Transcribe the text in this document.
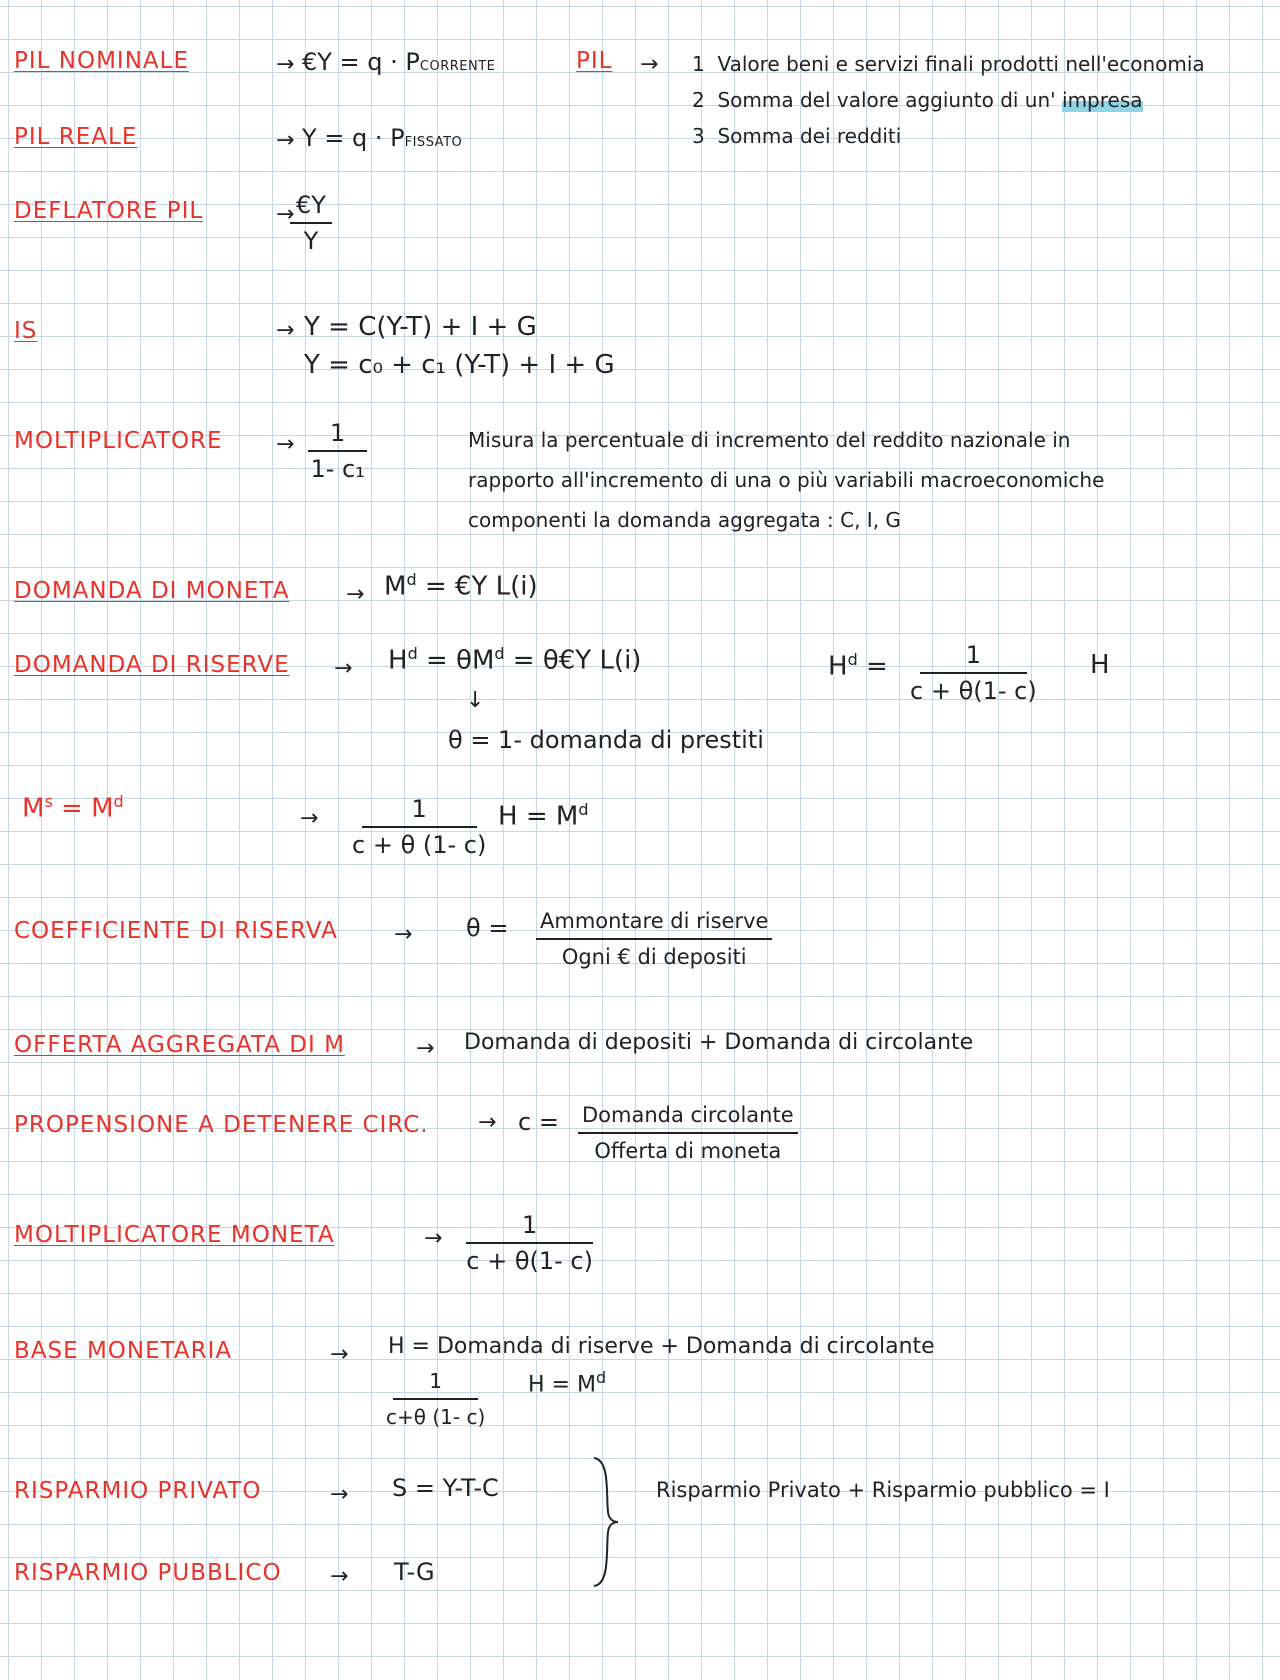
PIL NOMINALE	→ €Y = q · PCORRENTE	PIL → 1 Valore beni e servizi finali prodotti nell'economia
2 Somma del valore aggiunto di un' impresa
3 Somma dei redditi
PIL REALE	→ Y = q · PFISSATO
DEFLATORE PIL	→
$\frac{€Y}{Y}$
IS	→ Y = C(Y-T) + I + G
Y = c₀ + c₁ (Y-T) + I + G
MOLTIPLICATORE → $\frac{1}{\text{1- c₁}}$	Misura la percentuale di incremento del reddito nazionale in
rapporto all'incremento di una o più variabili macroeconomiche
componenti la domanda aggregata : C, I, G
DOMANDA DI MONETA	→ $M^d$ = €Y L(i)
DOMANDA DI RISERVE → $H^d = \theta M^d$ = θ€Y L(i)
↓
θ = 1- domanda di prestiti
$H^d = \frac{1}{c + \theta(1- c)}$ H
$M^s = M^d$
→ $\frac{1}{c + \theta (1- c)}$ $H = M^d$
COEFFICIENTE DI RISERVA	→ θ = Ammontare di riserve
Ogni € di depositi
OFFERTA AGGREGATA DI M	→ Domanda di depositi + Domanda di circolante
PROPENSIONE A DETENERE CIRC. → c = Domanda circolante
Offerta di moneta
MOLTIPLICATORE MONETA	→ $\frac{1}{c + \theta(1- c)}$
BASE MONETARIA	→ H = Domanda di riserve + Domanda di circolante
$\frac{1}{c+\theta (1- c)}$ $H = M^d$
RISPARMIO PRIVATO	→ S = Y-T-C
RISPARMIO PUBBLICO → T-G
Risparmio Privato + Risparmio pubblico = I
